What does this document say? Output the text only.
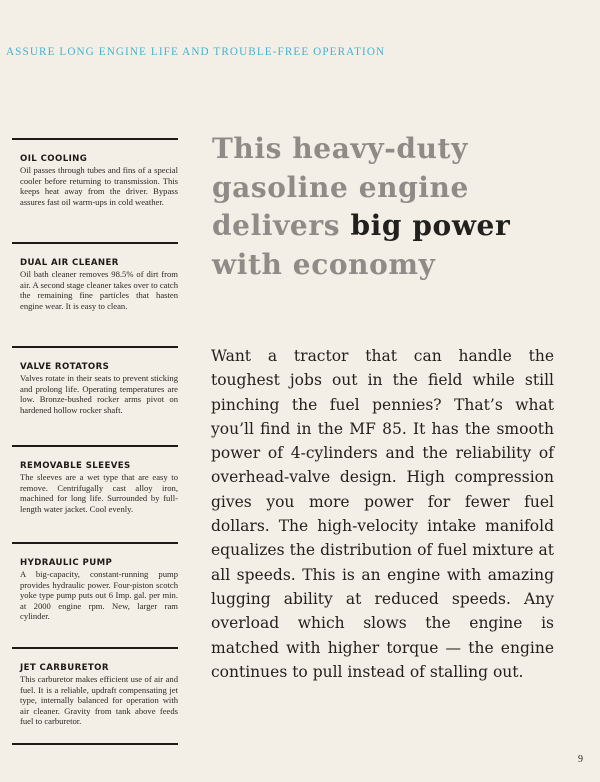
ASSURE LONG ENGINE LIFE AND TROUBLE-FREE OPERATION
OIL COOLING
Oil passes through tubes and fins of a special cooler before returning to transmission. This keeps heat away from the driver. Bypass assures fast oil warm-ups in cold weather.
DUAL AIR CLEANER
Oil bath cleaner removes 98.5% of dirt from air. A second stage cleaner takes over to catch the remaining fine particles that hasten engine wear. It is easy to clean.
VALVE ROTATORS
Valves rotate in their seats to prevent sticking and prolong life. Operating temperatures are low. Bronze-bushed rocker arms pivot on hardened hollow rocker shaft.
REMOVABLE SLEEVES
The sleeves are a wet type that are easy to remove. Centrifugally cast alloy iron, machined for long life. Surrounded by full-length water jacket. Cool evenly.
HYDRAULIC PUMP
A big-capacity, constant-running pump provides hydraulic power. Four-piston scotch yoke type pump puts out 6 Imp. gal. per min. at 2000 engine rpm. New, larger ram cylinder.
JET CARBURETOR
This carburetor makes efficient use of air and fuel. It is a reliable, updraft compensating jet type, internally balanced for operation with air cleaner. Gravity from tank above feeds fuel to carburetor.
This heavy-duty gasoline engine delivers big power with economy
Want a tractor that can handle the toughest jobs out in the field while still pinching the fuel pennies? That’s what you’ll find in the MF 85. It has the smooth power of 4-cylinders and the reliability of overhead-valve design. High compression gives you more power for fewer fuel dollars. The high-velocity intake manifold equalizes the distribution of fuel mixture at all speeds. This is an engine with amazing lugging ability at reduced speeds. Any overload which slows the engine is matched with higher torque — the engine continues to pull instead of stalling out.
9
